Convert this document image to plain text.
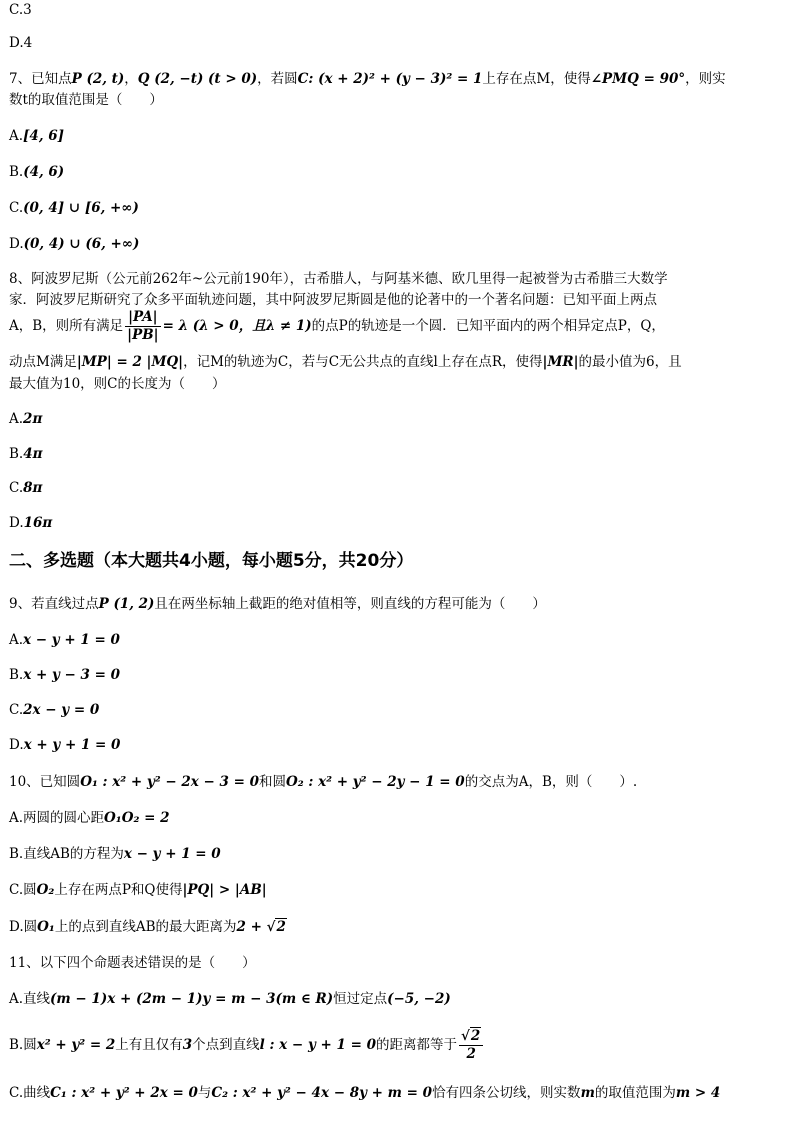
C.3
D.4
7、已知点P (2, t)，Q (2, −t) (t > 0)，若圆C: (x + 2)² + (y − 3)² = 1上存在点M，使得∠PMQ = 90°，则实
数t的取值范围是（　　）
A.[4, 6]
B.(4, 6)
C.(0, 4] ∪ [6, +∞)
D.(0, 4) ∪ (6, +∞)
8、阿波罗尼斯（公元前262年~公元前190年），古希腊人，与阿基米德、欧几里得一起被誉为古希腊三大数学
家．阿波罗尼斯研究了众多平面轨迹问题，其中阿波罗尼斯圆是他的论著中的一个著名问题：已知平面上两点
A，B，则所有满足 $\frac{|PA|}{|PB|} = \lambda$ (λ > 0，且λ ≠ 1)的点P的轨迹是一个圆．已知平面内的两个相异定点P，Q，
动点M满足|MP| = 2 |MQ|，记M的轨迹为C，若与C无公共点的直线l上存在点R，使得|MR|的最小值为6，且
最大值为10，则C的长度为（　　）
A.2π
B.4π
C.8π
D.16π
二、多选题（本大题共4小题，每小题5分，共20分）
9、若直线过点P (1, 2)且在两坐标轴上截距的绝对值相等，则直线的方程可能为（　　）
A.x − y + 1 = 0
B.x + y − 3 = 0
C.2x − y = 0
D.x + y + 1 = 0
10、已知圆O₁ : x² + y² − 2x − 3 = 0和圆O₂ : x² + y² − 2y − 1 = 0的交点为A，B，则（　　）.
A.两圆的圆心距O₁O₂ = 2
B.直线AB的方程为x − y + 1 = 0
C.圆O₂上存在两点P和Q使得|PQ| > |AB|
D.圆O₁上的点到直线AB的最大距离为2 + √2
11、以下四个命题表述错误的是（　　）
A.直线(m − 1)x + (2m − 1)y = m − 3(m ∈ R)恒过定点(−5, −2)
B.圆x² + y² = 2上有且仅有3个点到直线l : x − y + 1 = 0的距离都等于 $\frac{√2}{2}$
C.曲线C₁ : x² + y² + 2x = 0与C₂ : x² + y² − 4x − 8y + m = 0恰有四条公切线，则实数m的取值范围为m > 4
